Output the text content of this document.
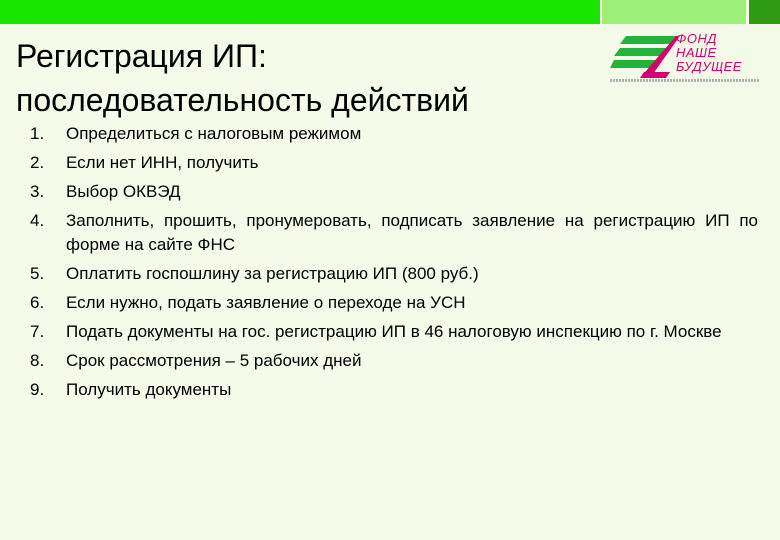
Регистрация ИП:
последовательность действий
ФОНД
НАШЕ
БУДУЩЕЕ
1. Определиться с налоговым режимом
2. Если нет ИНН, получить
3. Выбор ОКВЭД
4. Заполнить, прошить, пронумеровать, подписать заявление на регистрацию ИП по форме на сайте ФНС
5. Оплатить госпошлину за регистрацию ИП (800 руб.)
6. Если нужно, подать заявление о переходе на УСН
7. Подать документы на гос. регистрацию ИП в 46 налоговую инспекцию по г. Москве
8. Срок рассмотрения – 5 рабочих дней
9. Получить документы
